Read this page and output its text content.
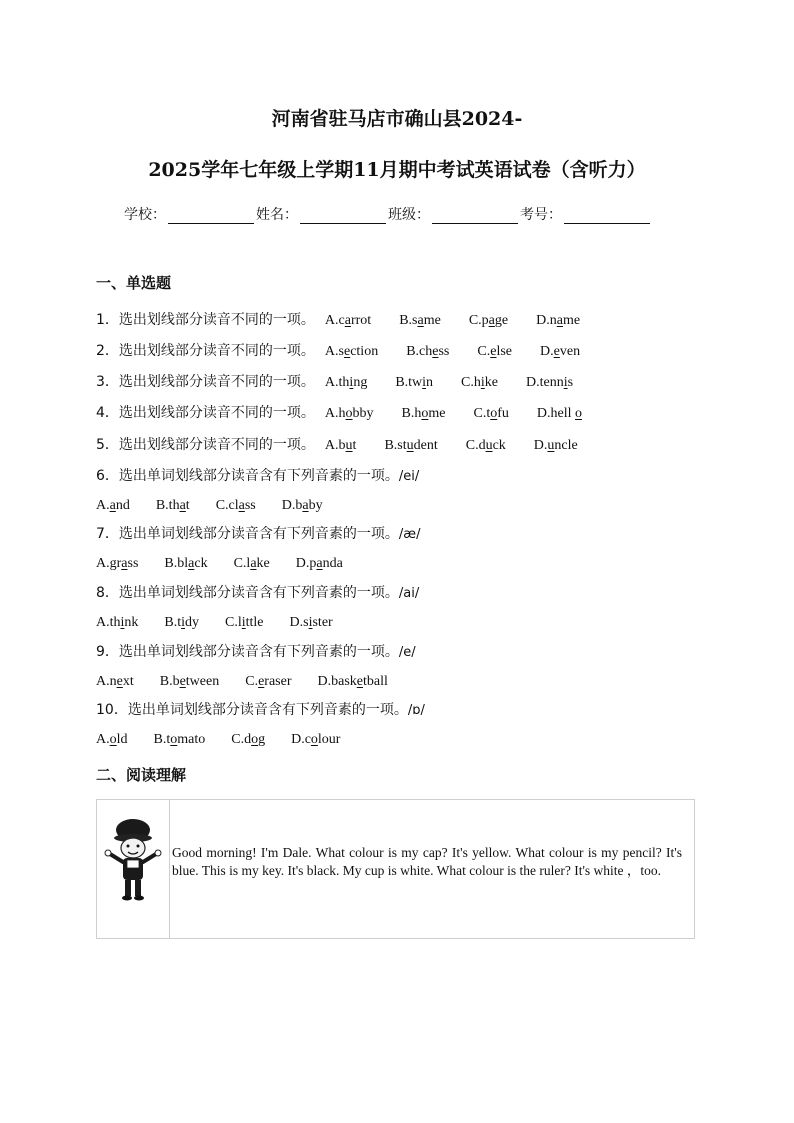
河南省驻马店市确山县2024-
2025学年七年级上学期11月期中考试英语试卷（含听力）
学校：	姓名：	班级：	考号：
一、单选题
1．选出划线部分读音不同的一项。 A.carrot B.same C.page D.name
2．选出划线部分读音不同的一项。 A.section B.chess C.else D.even
3．选出划线部分读音不同的一项。 A.thing B.twin C.hike D.tennis
4．选出划线部分读音不同的一项。 A.hobby B.home C.tofu D.hell o
5．选出划线部分读音不同的一项。 A.but B.student C.duck D.uncle
6．选出单词划线部分读音含有下列音素的一项。/ei/
A.and B.that C.class D.baby
7．选出单词划线部分读音含有下列音素的一项。/æ/
A.grass B.black C.lake D.panda
8．选出单词划线部分读音含有下列音素的一项。/ai/
A.think B.tidy C.little D.sister
9．选出单词划线部分读音含有下列音素的一项。/e/
A.next B.between C.eraser D.basketball
10．选出单词划线部分读音含有下列音素的一项。/ɒ/
A.old B.tomato C.dog D.colour
二、阅读理解
Good morning! I'm Dale. What colour is my cap? It's yellow. What colour is my pencil? It's blue. This is my key. It's black. My cup is white. What colour is the ruler? It's white ，too.
